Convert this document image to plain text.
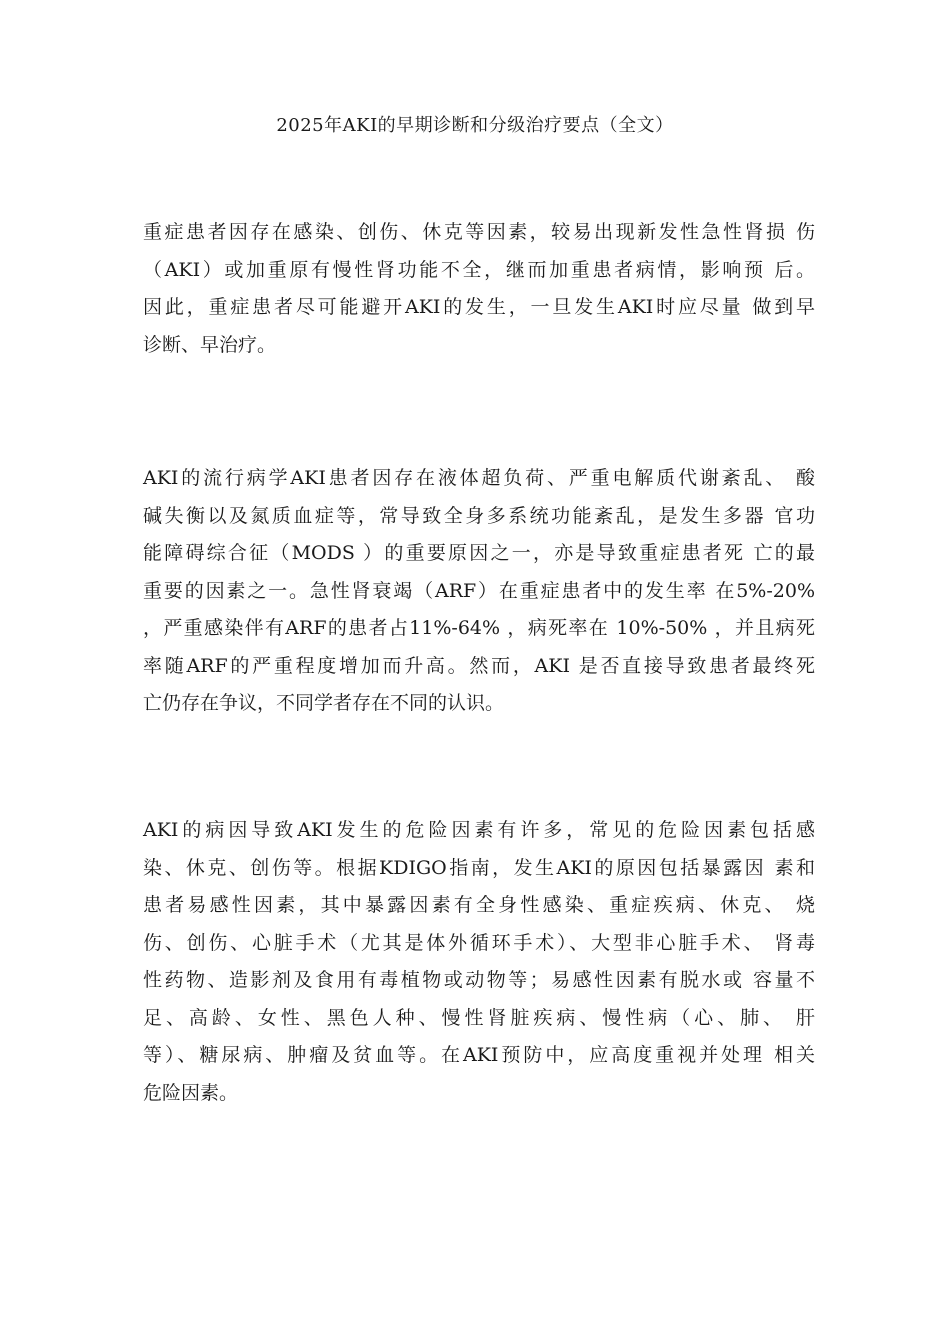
2025年AKI的早期诊断和分级治疗要点（全文）
重症患者因存在感染、创伤、休克等因素，较易出现新发性急性肾损 伤
（AKI）或加重原有慢性肾功能不全，继而加重患者病情，影响预 后。
因此，重症患者尽可能避开AKI的发生，一旦发生AKI时应尽量 做到早
诊断、早治疗。
AKI的流行病学AKI患者因存在液体超负荷、严重电解质代谢紊乱、 酸
碱失衡以及氮质血症等，常导致全身多系统功能紊乱，是发生多器 官功
能障碍综合征（MODS ）的重要原因之一，亦是导致重症患者死 亡的最
重要的因素之一。急性肾衰竭（ARF）在重症患者中的发生率 在5%-20%
，严重感染伴有ARF的患者占11%-64% ，病死率在 10%-50% ，并且病死
率随ARF的严重程度增加而升高。然而，AKI 是否直接导致患者最终死
亡仍存在争议，不同学者存在不同的认识。
AKI的病因导致AKI发生的危险因素有许多，常见的危险因素包括感
染、休克、创伤等。根据KDIGO指南，发生AKI的原因包括暴露因 素和
患者易感性因素，其中暴露因素有全身性感染、重症疾病、休克、 烧
伤、创伤、心脏手术（尤其是体外循环手术）、大型非心脏手术、 肾毒
性药物、造影剂及食用有毒植物或动物等；易感性因素有脱水或 容量不
足、高龄、女性、黑色人种、慢性肾脏疾病、慢性病（心、肺、 肝
等）、糖尿病、肿瘤及贫血等。在AKI预防中，应高度重视并处理 相关
危险因素。
